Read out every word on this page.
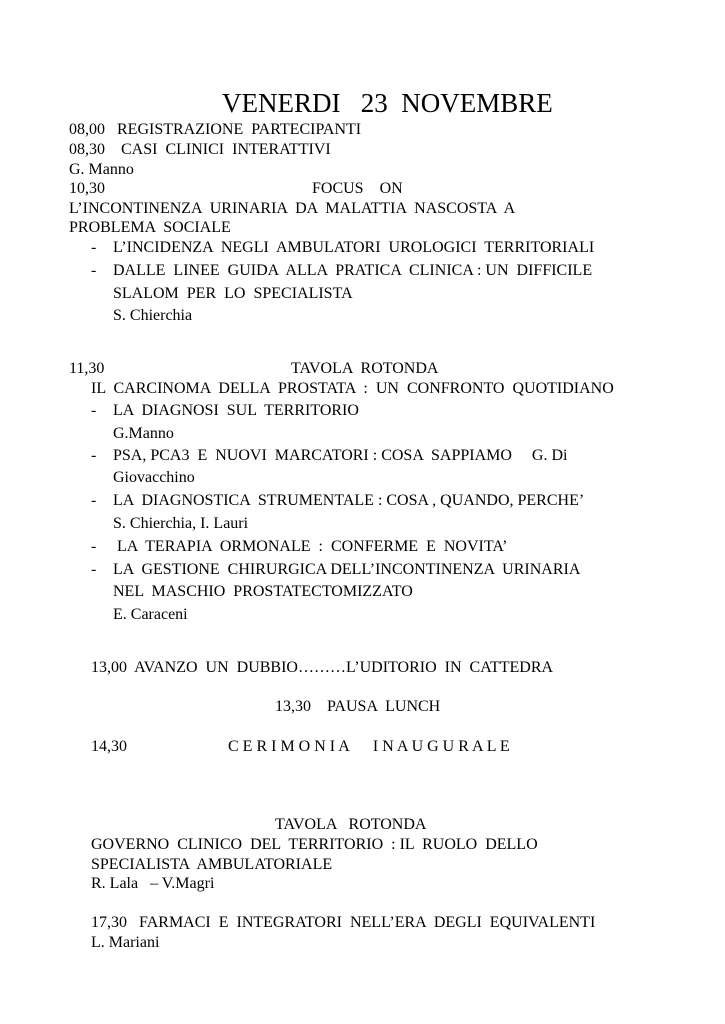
VENERDI   23  NOVEMBRE
08,00   REGISTRAZIONE  PARTECIPANTI
08,30    CASI  CLINICI  INTERATTIVI
G. Manno
10,30	FOCUS    ON
L’INCONTINENZA  URINARIA  DA  MALATTIA  NASCOSTA  A
PROBLEMA  SOCIALE
- L’INCIDENZA  NEGLI  AMBULATORI  UROLOGICI  TERRITORIALI
- DALLE  LINEE  GUIDA  ALLA  PRATICA  CLINICA : UN  DIFFICILE
SLALOM  PER  LO  SPECIALISTA
S. Chierchia
11,30	TAVOLA  ROTONDA
IL  CARCINOMA  DELLA  PROSTATA  :  UN  CONFRONTO  QUOTIDIANO
- LA  DIAGNOSI  SUL  TERRITORIO
G.Manno
- PSA, PCA3  E  NUOVI  MARCATORI : COSA  SAPPIAMO     G. Di
Giovacchino
- LA  DIAGNOSTICA  STRUMENTALE : COSA , QUANDO, PERCHE’
S. Chierchia, I. Lauri
- LA  TERAPIA  ORMONALE  :  CONFERME  E  NOVITA’
- LA  GESTIONE  CHIRURGICA DELL’INCONTINENZA  URINARIA
NEL  MASCHIO  PROSTATECTOMIZZATO
E. Caraceni
13,00  AVANZO  UN  DUBBIO………L’UDITORIO  IN  CATTEDRA
13,30    PAUSA  LUNCH
14,30	C E R I M O N I A      I N A U G U R A L E
TAVOLA   ROTONDA
GOVERNO  CLINICO  DEL  TERRITORIO  : IL  RUOLO  DELLO
SPECIALISTA  AMBULATORIALE
R. Lala   – V.Magri
17,30   FARMACI  E  INTEGRATORI  NELL’ERA  DEGLI  EQUIVALENTI
L. Mariani
